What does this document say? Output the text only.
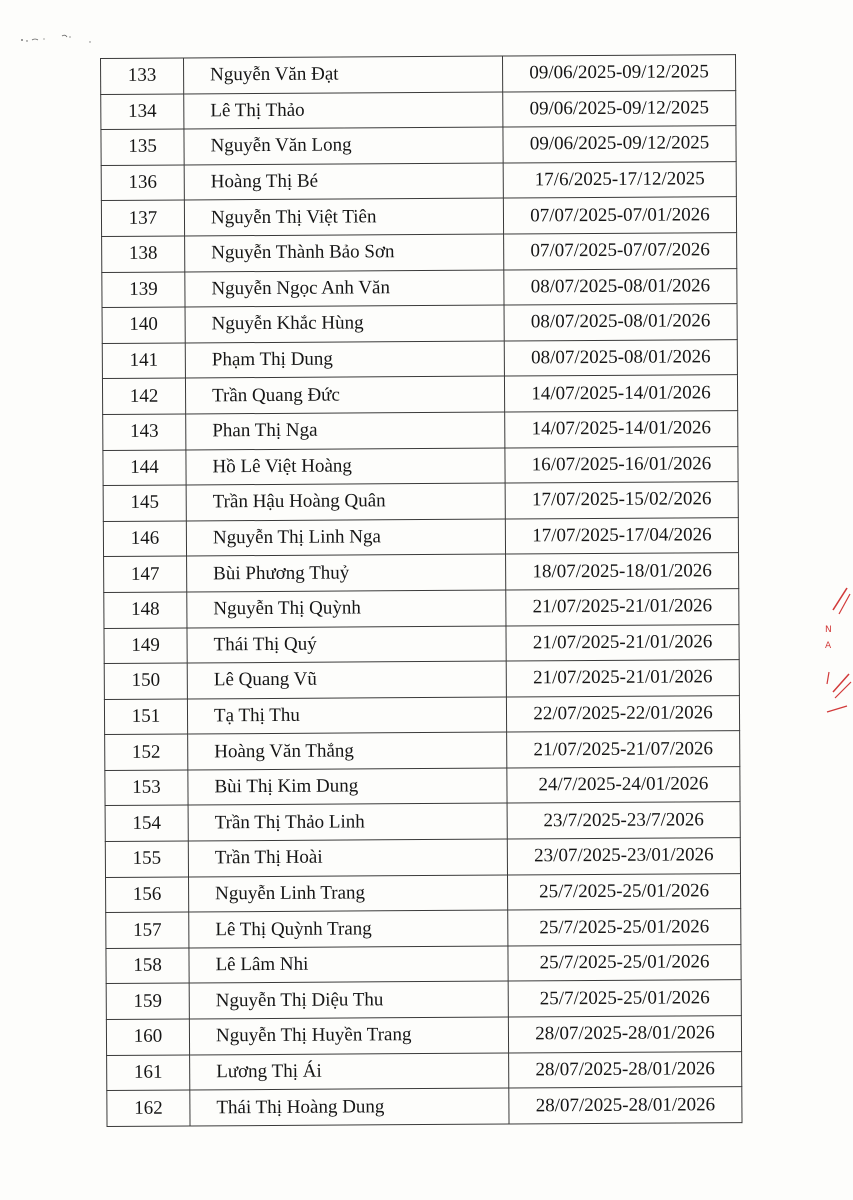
133	Nguyễn Văn Đạt	09/06/2025-09/12/2025
134	Lê Thị Thảo	09/06/2025-09/12/2025
135	Nguyễn Văn Long	09/06/2025-09/12/2025
136	Hoàng Thị Bé	17/6/2025-17/12/2025
137	Nguyễn Thị Việt Tiên	07/07/2025-07/01/2026
138	Nguyễn Thành Bảo Sơn	07/07/2025-07/07/2026
139	Nguyễn Ngọc Anh Văn	08/07/2025-08/01/2026
140	Nguyễn Khắc Hùng	08/07/2025-08/01/2026
141	Phạm Thị Dung	08/07/2025-08/01/2026
142	Trần Quang Đức	14/07/2025-14/01/2026
143	Phan Thị Nga	14/07/2025-14/01/2026
144	Hồ Lê Việt Hoàng	16/07/2025-16/01/2026
145	Trần Hậu Hoàng Quân	17/07/2025-15/02/2026
146	Nguyễn Thị Linh Nga	17/07/2025-17/04/2026
147	Bùi Phương Thuỷ	18/07/2025-18/01/2026
148	Nguyễn Thị Quỳnh	21/07/2025-21/01/2026
149	Thái Thị Quý	21/07/2025-21/01/2026
150	Lê Quang Vũ	21/07/2025-21/01/2026
151	Tạ Thị Thu	22/07/2025-22/01/2026
152	Hoàng Văn Thắng	21/07/2025-21/07/2026
153	Bùi Thị Kim Dung	24/7/2025-24/01/2026
154	Trần Thị Thảo Linh	23/7/2025-23/7/2026
155	Trần Thị Hoài	23/07/2025-23/01/2026
156	Nguyễn Linh Trang	25/7/2025-25/01/2026
157	Lê Thị Quỳnh Trang	25/7/2025-25/01/2026
158	Lê Lâm Nhi	25/7/2025-25/01/2026
159	Nguyễn Thị Diệu Thu	25/7/2025-25/01/2026
160	Nguyễn Thị Huyền Trang	28/07/2025-28/01/2026
161	Lương Thị Ái	28/07/2025-28/01/2026
162	Thái Thị Hoàng Dung	28/07/2025-28/01/2026
N
A
